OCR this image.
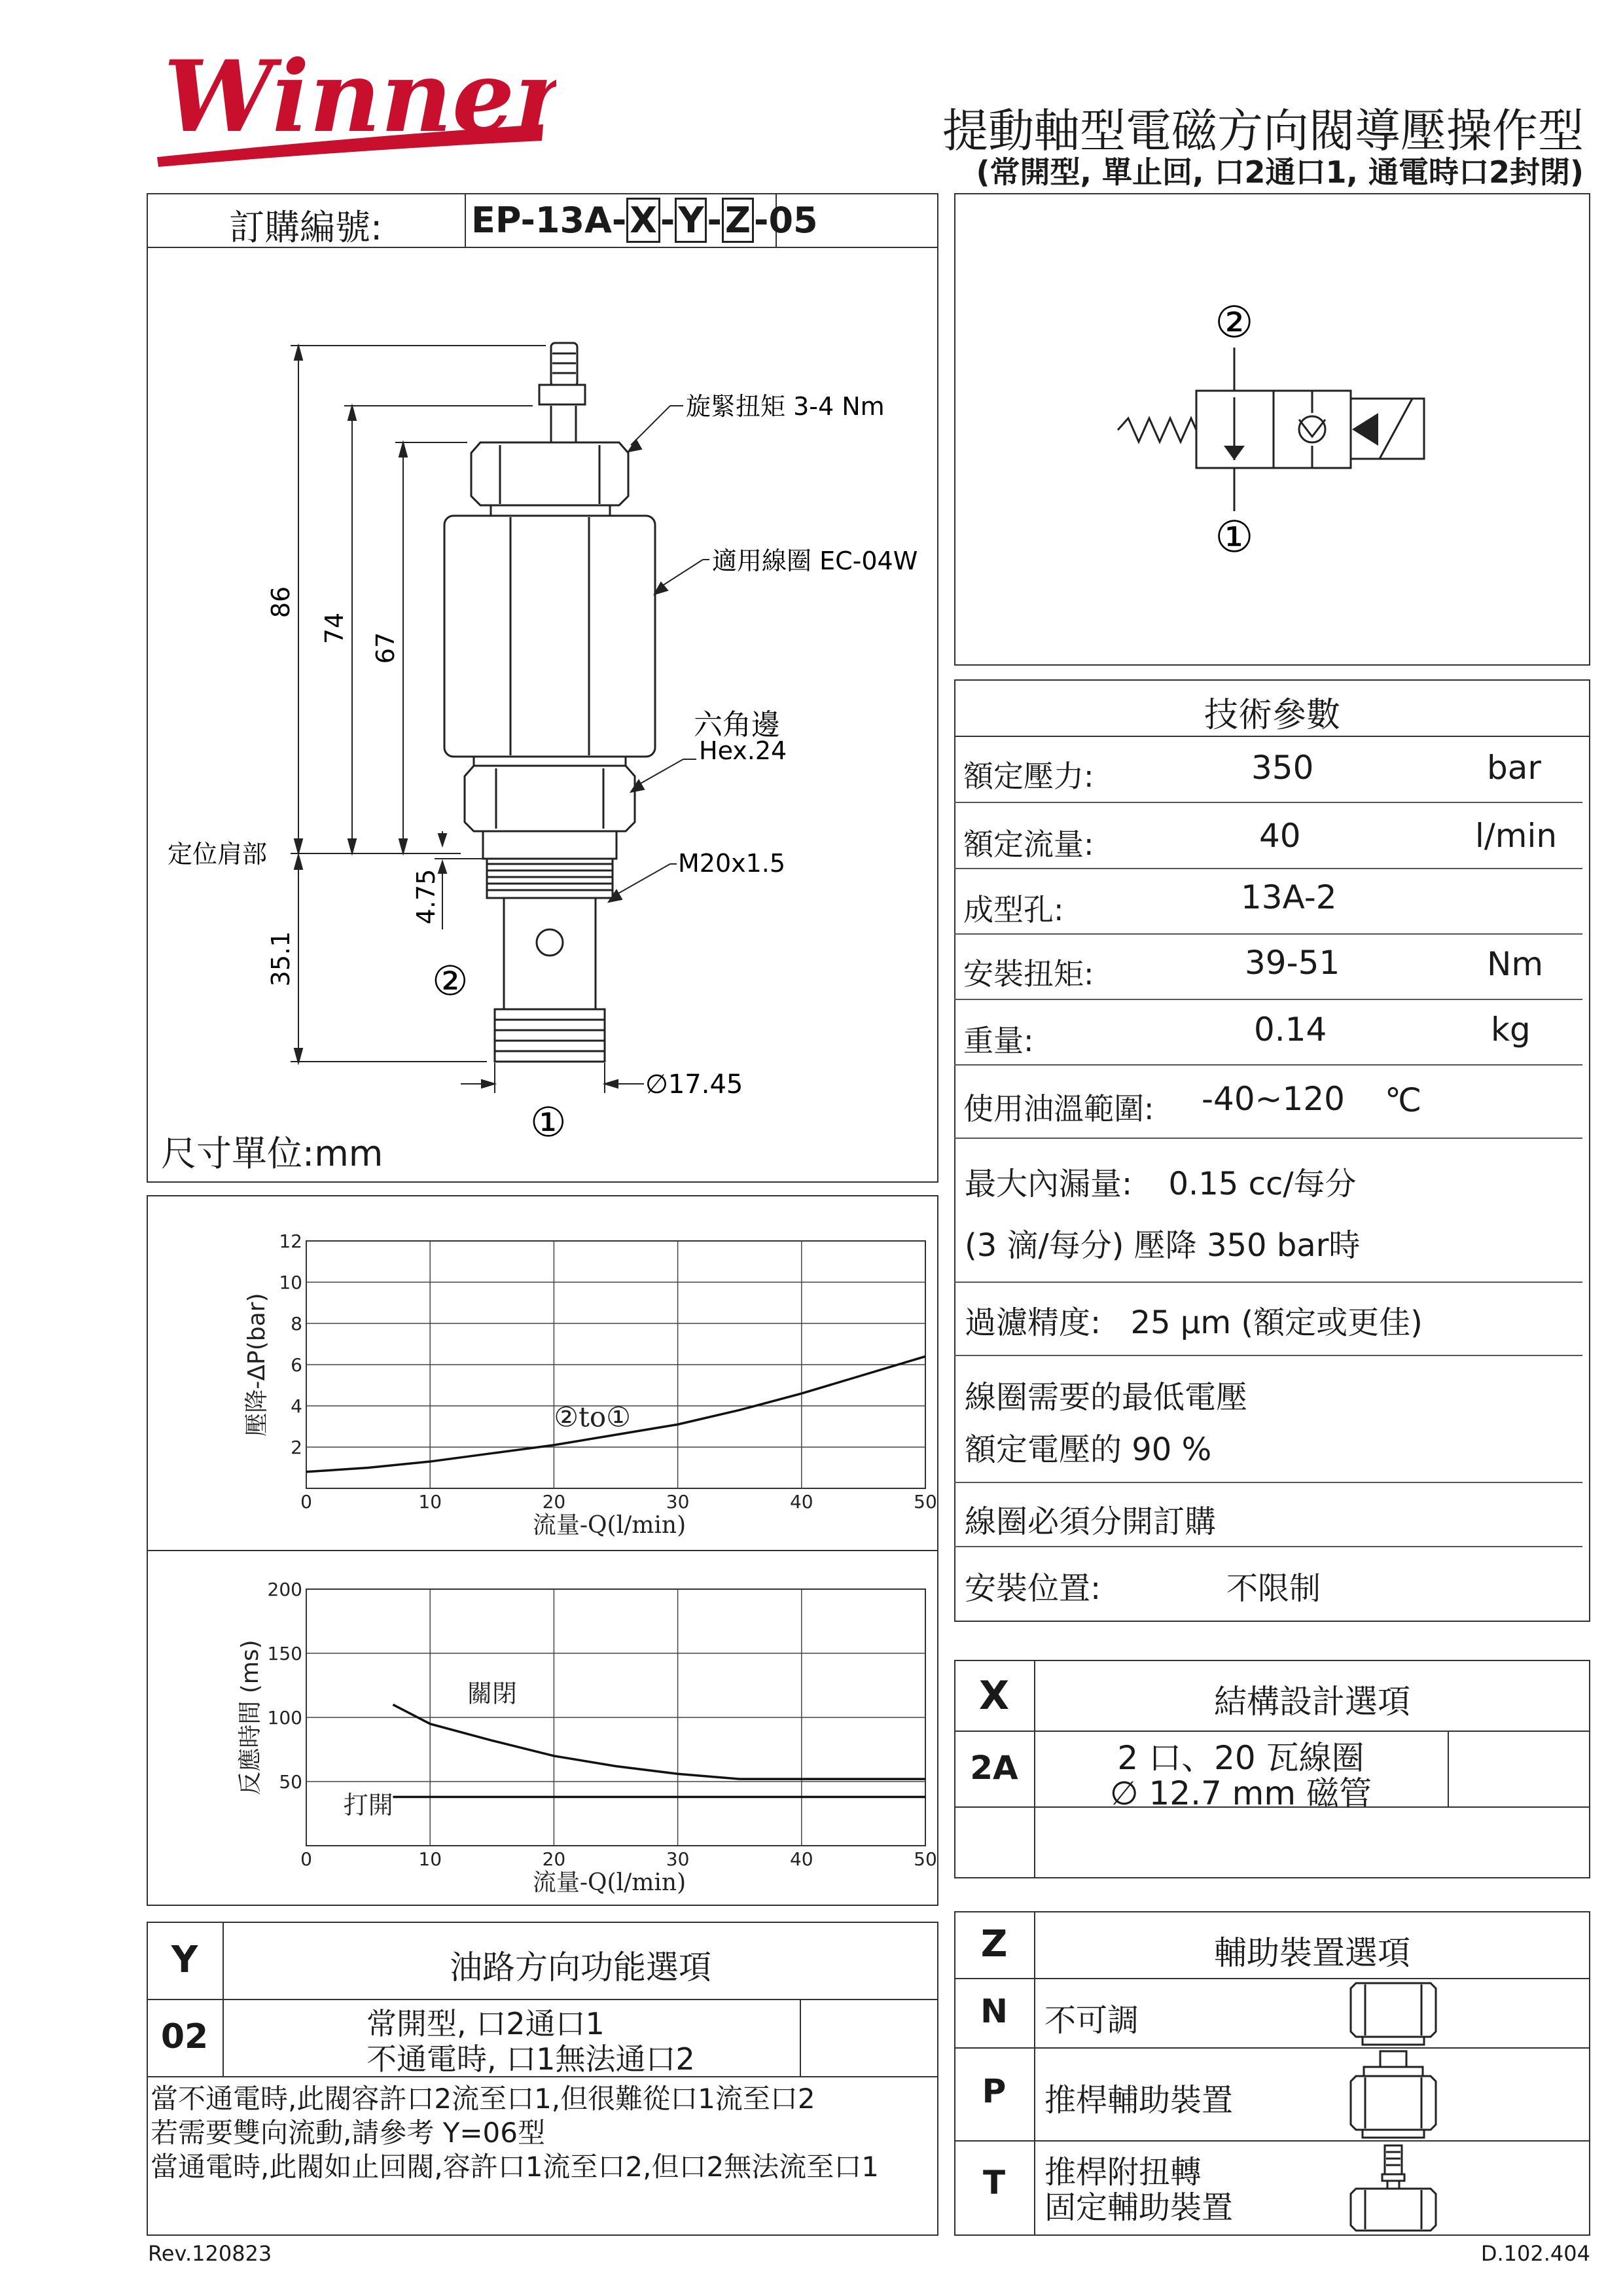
Winner	提動軸型電磁方向閥導壓操作型
(常開型, 單止回, 口2通口1, 通電時口2封閉)
訂購編號:	EP-13A-X-Y-Z-05
86
74
67
4.75
35.1
∅17.45
旋緊扭矩 3-4 Nm
適用線圈 EC-04W
六角邊
Hex.24
M20x1.5
定位肩部
②
①
尺寸單位:mm
②
①
技術參數
額定壓力:	350	bar
額定流量:	40	l/min
成型孔:	13A-2
安裝扭矩:	39-51	Nm
重量:	0.14	kg
使用油溫範圍: -40~120 ℃
最大內漏量: 0.15 cc/每分
(3 滴/每分) 壓降 350 bar時
過濾精度: 25 μm (額定或更佳)
線圈需要的最低電壓
額定電壓的 90 %
線圈必須分開訂購
安裝位置:	不限制
0	10	20	30	40	50
2
4
6
8
10
12
②to①
流量-Q(l/min)
壓降-ΔP(bar)
0	10	20	30	40	50
50
100
150
200
關閉
打開
流量-Q(l/min)
反應時間 (ms)	X	結構設計選項
2A	2 口、20 瓦線圈
∅ 12.7 mm 磁管
Y	油路方向功能選項
02	常開型, 口2通口1
不通電時, 口1無法通口2
當不通電時,此閥容許口2流至口1,但很難從口1流至口2
若需要雙向流動,請參考 Y=06型
當通電時,此閥如止回閥,容許口1流至口2,但口2無法流至口1
Z	輔助裝置選項
N	不可調
P	推桿輔助裝置
T	推桿附扭轉
固定輔助裝置
Rev.120823	D.102.404
